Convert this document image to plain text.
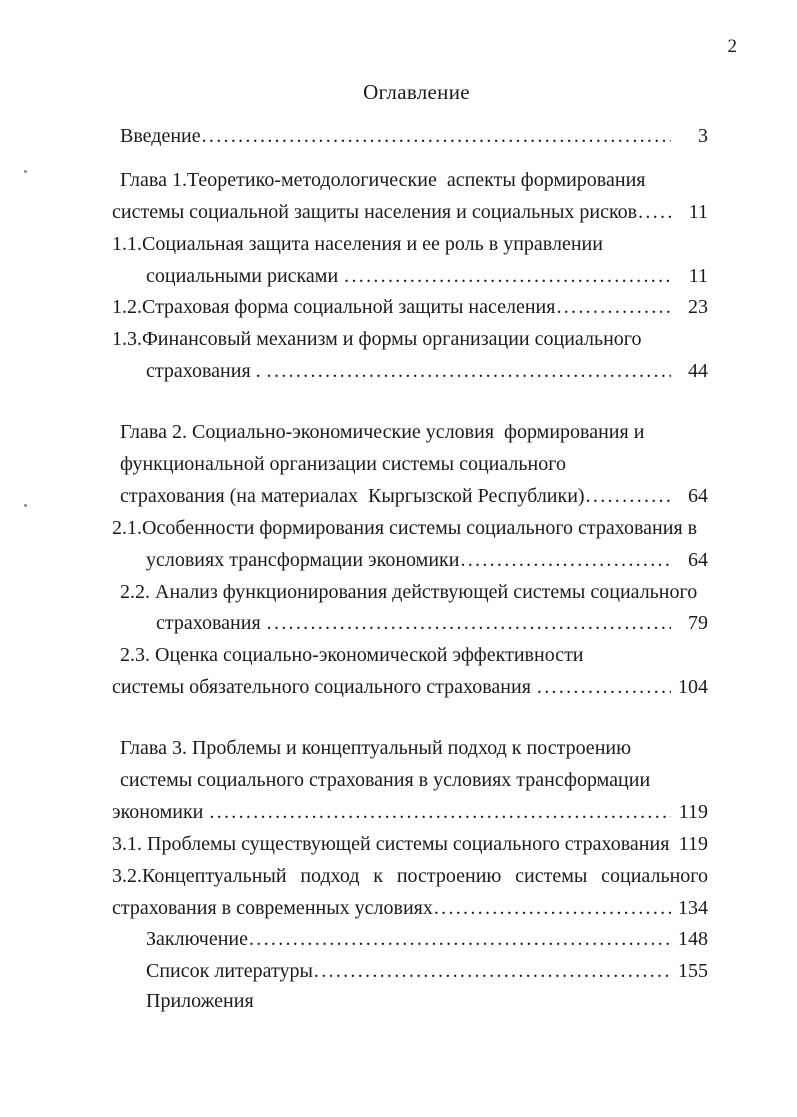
2
Оглавление
Введение .....	3
Глава 1.Теоретико-методологические  аспекты формирования
системы социальной защиты населения и социальных рисков .....	11
1.1.Социальная защита населения и ее роль в управлении
социальными рисками .....	11
1.2.Страховая форма социальной защиты населения .....	23
1.3.Финансовый механизм и формы организации социального
страхования . .....	44
Глава 2. Социально-экономические условия  формирования и
функциональной организации системы социального
страхования (на материалах  Кыргызской Республики) .....	64
2.1.Особенности формирования системы социального страхования в
условиях трансформации экономики .....	64
2.2. Анализ функционирования действующей системы социального
страхования .....	79
2.3. Оценка социально-экономической эффективности
системы обязательного социального страхования .....	104
Глава 3. Проблемы и концептуальный подход к построению
системы социального страхования в условиях трансформации
экономики .....	119
3.1. Проблемы существующей системы социального страхования ..... 119
3.2.Концептуальный подход к построению системы социального
страхования в современных условиях .....	134
Заключение .....	148
Список литературы .....	155
Приложения
